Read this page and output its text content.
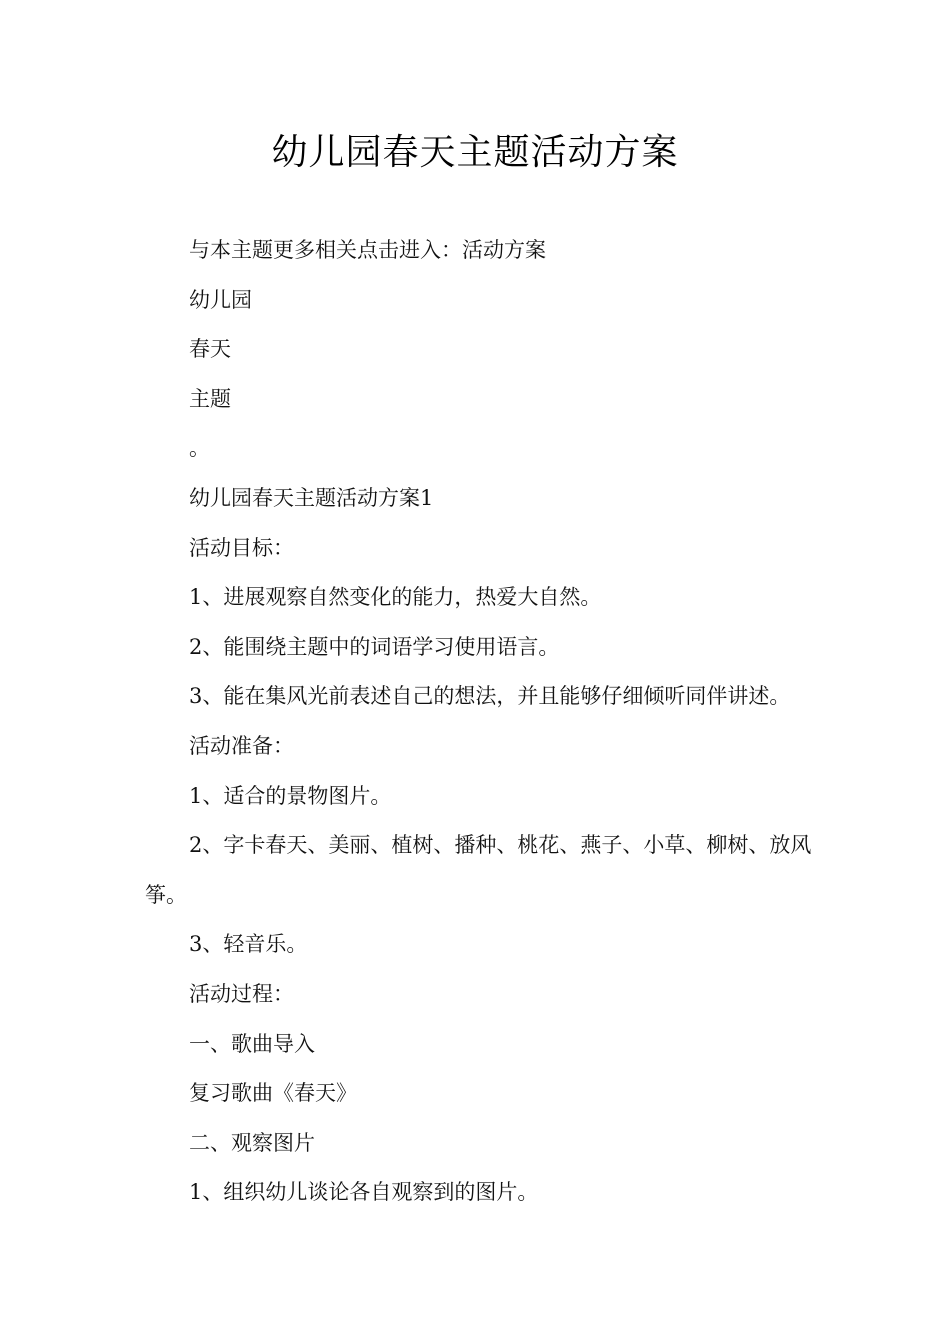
幼儿园春天主题活动方案

与本主题更多相关点击进入：活动方案

幼儿园

春天

主题

。

幼儿园春天主题活动方案1

活动目标：

1、进展观察自然变化的能力，热爱大自然。

2、能围绕主题中的词语学习使用语言。

3、能在集风光前表述自己的想法，并且能够仔细倾听同伴讲述。

活动准备：

1、适合的景物图片。

2、字卡春天、美丽、植树、播种、桃花、燕子、小草、柳树、放风筝。

3、轻音乐。

活动过程：

一、歌曲导入

复习歌曲《春天》

二、观察图片

1、组织幼儿谈论各自观察到的图片。
